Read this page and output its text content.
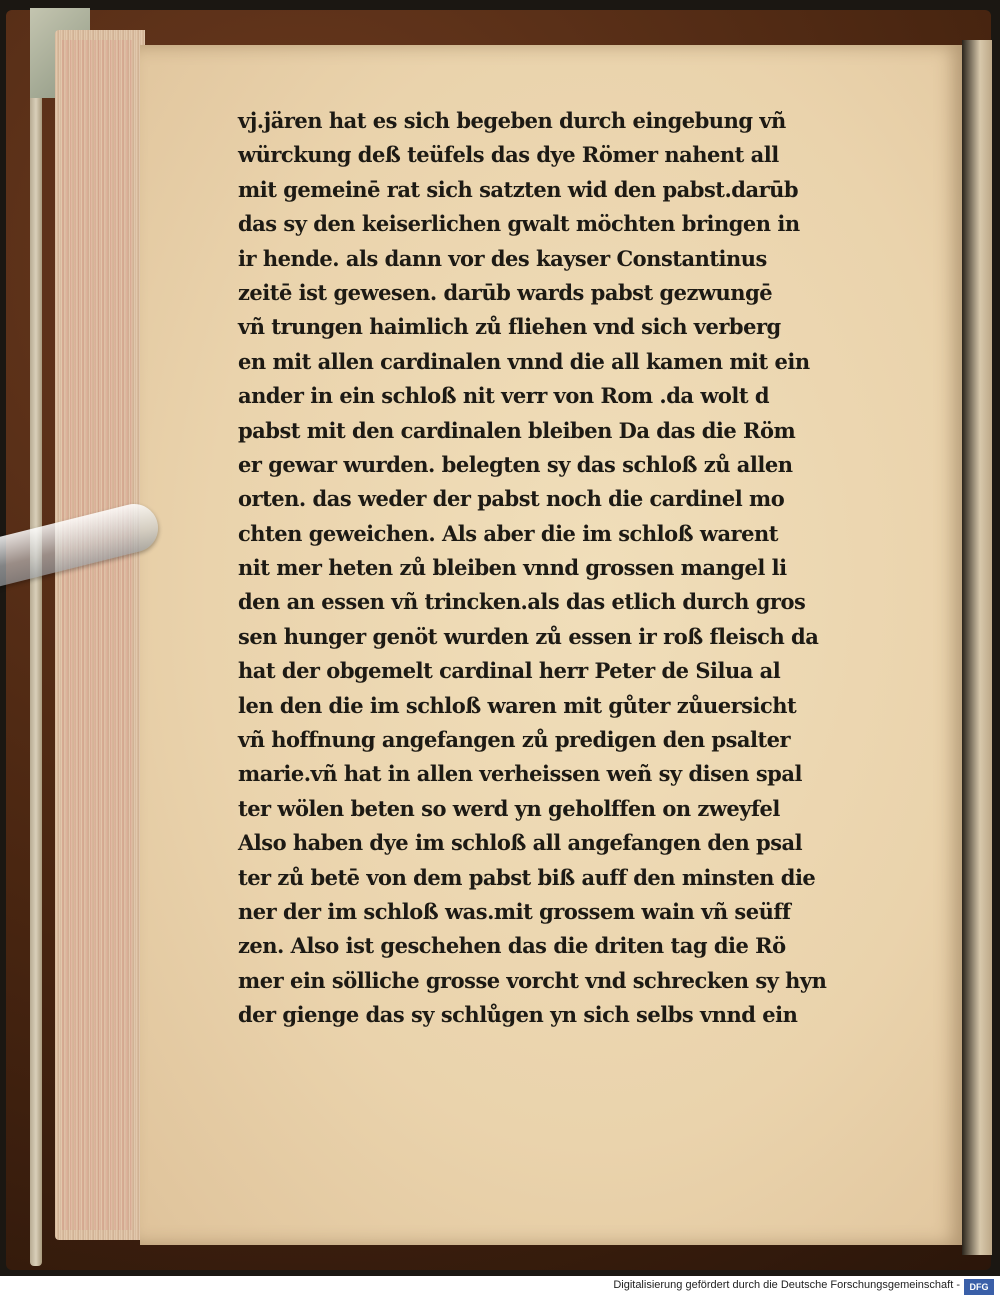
vj.jären hat es sich begeben durch eingebung vñ
würckung deß teüfels das dye Römer nahent all
mit gemeinē rat sich satzten wid den pabst.darūb
das sy den keiserlichen gwalt möchten bringen in
ir hende. als dann vor des kayser Constantinus
zeitē ist gewesen. darūb wards pabst gezwungē
vñ trungen haimlich zů fliehen vnd sich verberg
en mit allen cardinalen vnnd die all kamen mit ein
ander in ein schloß nit verr von Rom .da wolt d
pabst mit den cardinalen bleiben Da das die Röm
er gewar wurden. belegten sy das schloß zů allen
orten. das weder der pabst noch die cardinel mo
chten geweichen. Als aber die im schloß warent
nit mer heten zů bleiben vnnd grossen mangel li
den an essen vñ trincken.als das etlich durch gros
sen hunger genöt wurden zů essen ir roß fleisch da
hat der obgemelt cardinal herr Peter de Silua al
len den die im schloß waren mit gůter zůuersicht
vñ hoffnung angefangen zů predigen den psalter
marie.vñ hat in allen verheissen weñ sy disen spal
ter wölen beten so werd yn geholffen on zweyfel
Also haben dye im schloß all angefangen den psal
ter zů betē von dem pabst biß auff den minsten die
ner der im schloß was.mit grossem wain vñ seüff
zen. Also ist geschehen das die driten tag die Rö
mer ein sölliche grosse vorcht vnd schrecken sy hyn
der gienge das sy schlůgen yn sich selbs vnnd ein
Digitalisierung gefördert durch die Deutsche Forschungsgemeinschaft -	DFG
